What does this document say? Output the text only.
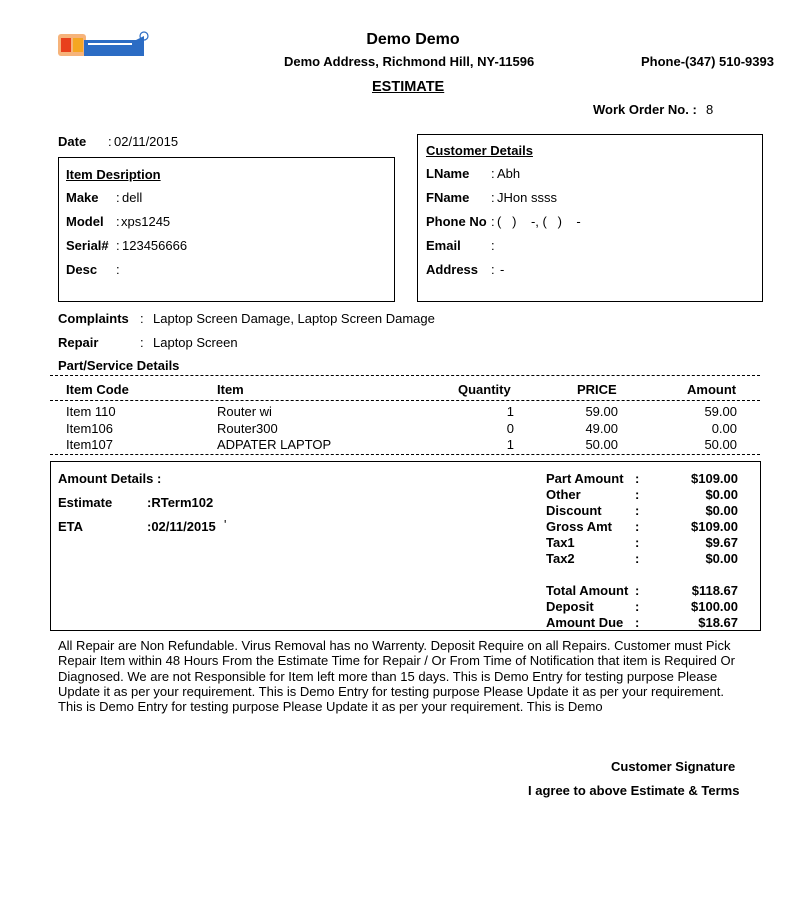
Demo Demo
Demo Address, Richmond Hill, NY-11596	Phone-(347) 510-9393
ESTIMATE
Work Order No. : 8
Date : 02/11/2015
Item Desription
Make : dell
Model : xps1245
Serial# : 123456666
Desc :
Customer Details
LName : Abh
FName : JHon ssss
Phone No : (   )    -, (   )    -
Email :
Address : -
Complaints : Laptop Screen Damage, Laptop Screen Damage
Repair	: Laptop Screen
Part/Service Details
Item Code	Item	Quantity	PRICE	Amount
Item 110	Router wi	1	59.00	59.00
Item106	Router300	0	49.00	0.00
Item107	ADPATER LAPTOP	1	50.00	50.00
Amount Details :
Estimate	:RTerm102
ETA	:02/11/2015 '
Part Amount :	$109.00
Other	:	$0.00
Discount	:	$0.00
Gross Amt :	$109.00
Tax1	:	$9.67
Tax2	:	$0.00
Total Amount :	$118.67
Deposit	:	$100.00
Amount Due :	$18.67
All Repair are Non Refundable. Virus Removal has no Warrenty. Deposit Require on all Repairs. Customer must Pick Repair Item within 48 Hours From the Estimate Time for Repair / Or From Time of Notification that item is Required Or Diagnosed. We are not Responsible for Item left more than 15 days. This is Demo Entry for testing purpose Please Update it as per your requirement. This is Demo Entry for testing purpose Please Update it as per your requirement. This is Demo Entry for testing purpose Please Update it as per your requirement. This is Demo
Customer Signature
I agree to above Estimate & Terms
